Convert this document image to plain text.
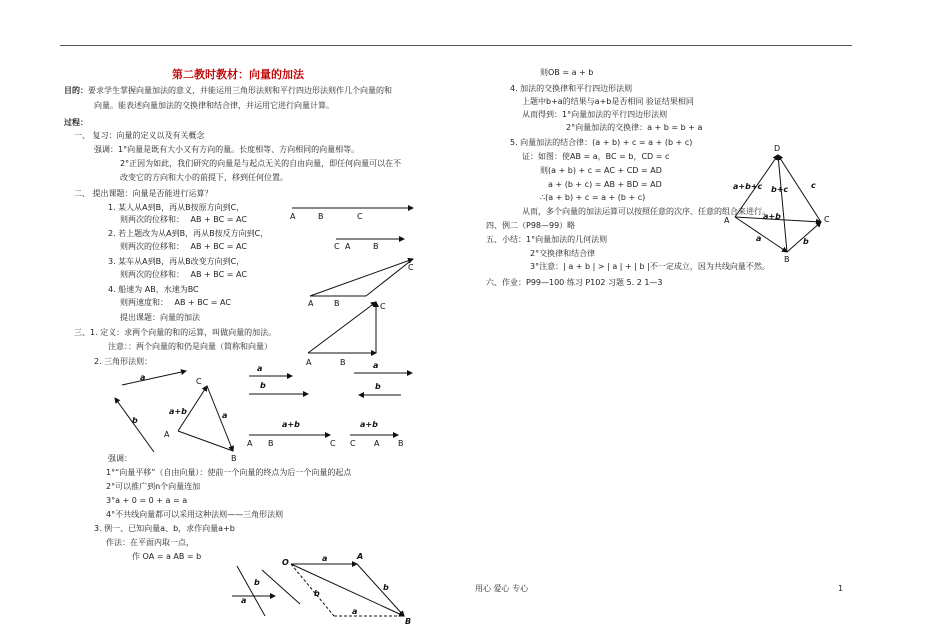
第二教时教材：向量的加法
目的：要求学生掌握向量加法的意义，并能运用三角形法则和平行四边形法则作几个向量的和
向量。能表述向量加法的交换律和结合律，并运用它进行向量计算。
过程：
一、 复习：向量的定义以及有关概念
强调：1°向量是既有大小又有方向的量。长度相等、方向相同的向量相等。
2°正因为如此，我们研究的向量是与起点无关的自由向量，即任何向量可以在不
改变它的方向和大小的前提下，移到任何位置。
二、 提出课题：向量是否能进行运算？
1. 某人从A到B，再从B按原方向到C，
则两次的位移和： AB + BC = AC
2. 若上题改为从A到B，再从B按反方向到C，
则两次的位移和： AB + BC = AC
3. 某车从A到B，再从B改变方向到C，
则两次的位移和： AB + BC = AC
4. 船速为 AB，水速为BC
则两速度和： AB + BC = AC
提出课题：向量的加法
三、1. 定义：求两个向量的和的运算，叫做向量的加法。
注意：：两个向量的和仍是向量（简称和向量）
2. 三角形法则：
强调：
1°“向量平移”（自由向量）：使前一个向量的终点为后一个向量的起点
2°可以推广到n个向量连加
3°a + 0 = 0 + a = a
4°不共线向量都可以采用这种法则——三角形法则
3. 例一、已知向量a、b，求作向量a+b
作法：在平面内取一点，
作 OA = a AB = b
则OB = a + b
4. 加法的交换律和平行四边形法则
上题中b+a的结果与a+b是否相同 验证结果相同
从而得到：1°向量加法的平行四边形法则
2°向量加法的交换律：a + b = b + a
5. 向量加法的结合律：(a + b) + c = a + (b + c)
证：如图：使AB = a，BC = b，CD = c
则(a + b) + c = AC + CD = AD
a + (b + c) = AB + BD = AD
∴(a + b) + c = a + (b + c)
从而，多个向量的加法运算可以按照任意的次序、任意的组合来进行。
四、例二（P98—99）略
五、小结：1°向量加法的几何法则
2°交换律和结合律
3°注意：| a + b | > | a | + | b |不一定成立，因为共线向量不然。
六、作业：P99—100 练习 P102 习题 5. 2 1—3
A	B	C
C A	B
A	B
C
A	B
C
a
b
C
A
B
a+b	a
a
b
a
b
a+b
A B	C
a+b
C A B
a
b
O
A
B
a
b
b
a
D
A	C
B
a+b+c b+c	c
a+b
a	b
用心 爱心 专心	1
